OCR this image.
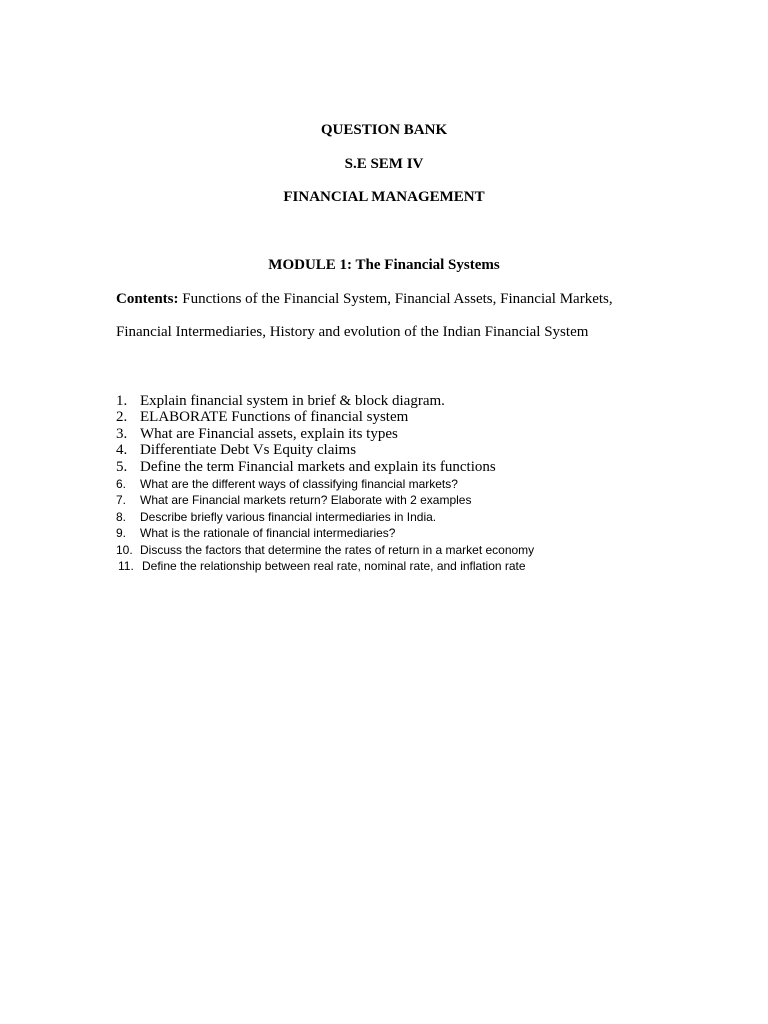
QUESTION BANK
S.E SEM IV
FINANCIAL MANAGEMENT
MODULE 1: The Financial Systems
Contents: Functions of the Financial System, Financial Assets, Financial Markets,
Financial Intermediaries, History and evolution of the Indian Financial System
1. Explain financial system in brief & block diagram.
2. ELABORATE Functions of financial system
3. What are Financial assets, explain its types
4. Differentiate Debt Vs Equity claims
5. Define the term Financial markets and explain its functions
6. What are the different ways of classifying financial markets?
7. What are Financial markets return? Elaborate with 2 examples
8. Describe briefly various financial intermediaries in India.
9. What is the rationale of financial intermediaries?
10. Discuss the factors that determine the rates of return in a market economy
11. Define the relationship between real rate, nominal rate, and inflation rate
